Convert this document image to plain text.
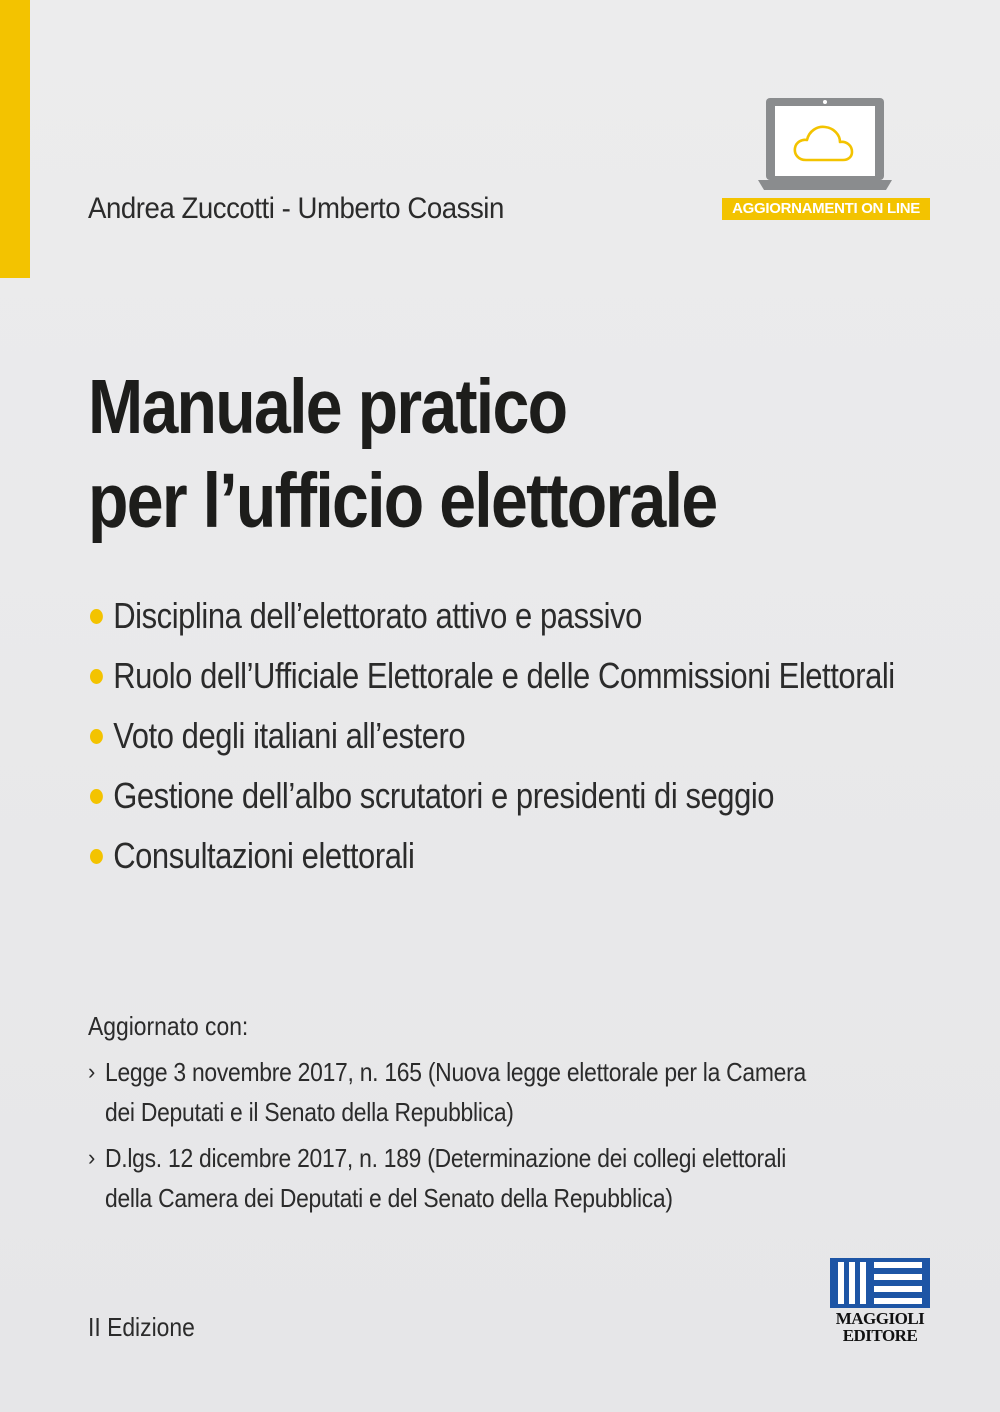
Andrea Zuccotti - Umberto Coassin	AGGIORNAMENTI ON LINE
Manuale pratico
per l’ufficio elettorale
Disciplina dell’elettorato attivo e passivo
Ruolo dell’Ufficiale Elettorale e delle Commissioni Elettorali
Voto degli italiani all’estero
Gestione dell’albo scrutatori e presidenti di seggio
Consultazioni elettorali
Aggiornato con:
› Legge 3 novembre 2017, n. 165 (Nuova legge elettorale per la Camera
dei Deputati e il Senato della Repubblica)
› D.lgs. 12 dicembre 2017, n. 189 (Determinazione dei collegi elettorali
della Camera dei Deputati e del Senato della Repubblica)
II Edizione	MAGGIOLI
EDITORE
